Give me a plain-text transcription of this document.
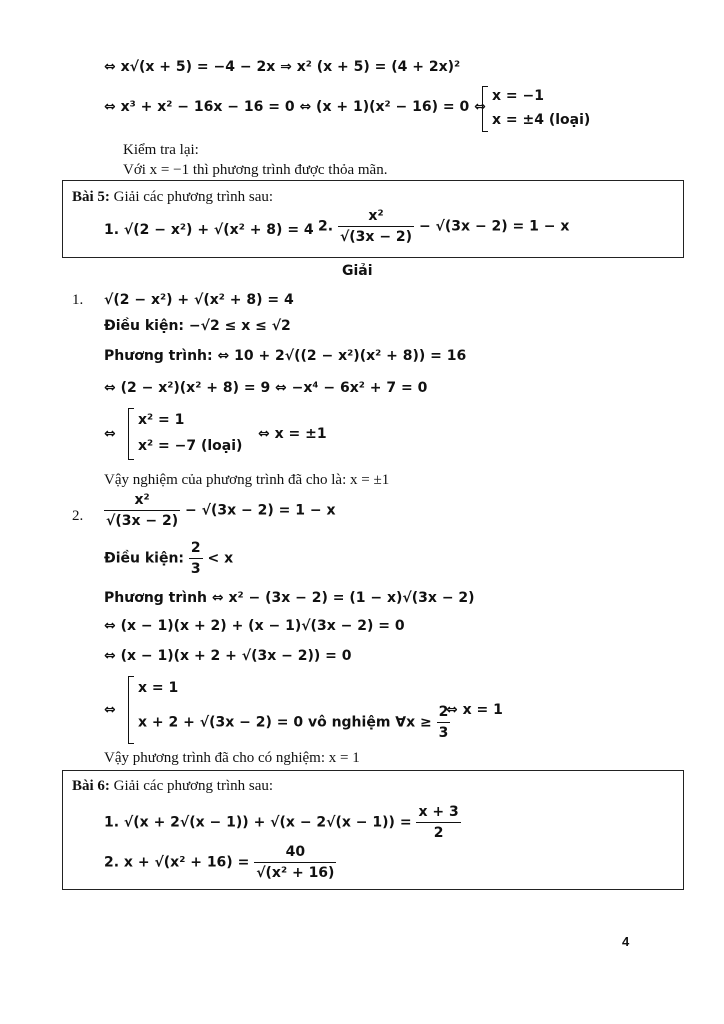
⇔ x√(x + 5) = −4 − 2x ⇒ x² (x + 5) = (4 + 2x)²
⇔ x³ + x² − 16x − 16 = 0 ⇔ (x + 1)(x² − 16) = 0 ⇔
x = −1
x = ±4 (loại)
Kiểm tra lại:
Với x = −1 thì phương trình được thỏa mãn.
Bài 5: Giải các phương trình sau:
1. √(2 − x²) + √(x² + 8) = 4 2. $\frac{\text{x²}}{√(3x - 2)} - √(3x - 2) = 1 - x$
Giải
1. √(2 − x²) + √(x² + 8) = 4
Điều kiện: −√2 ≤ x ≤ √2
Phương trình: ⇔ 10 + 2√((2 − x²)(x² + 8)) = 16
⇔ (2 − x²)(x² + 8) = 9 ⇔ −x⁴ − 6x² + 7 = 0
⇔
x² = 1
x² = −7 (loại)
⇔ x = ±1
Vậy nghiệm của phương trình đã cho là: x = ±1
2. $\frac{\text{x²}}{√(3x - 2)} - √(3x - 2) = 1 - x$
Điều kiện: $\frac{2}{3} < x$
Phương trình ⇔ x² − (3x − 2) = (1 − x)√(3x − 2)
⇔ (x − 1)(x + 2) + (x − 1)√(3x − 2) = 0
⇔ (x − 1)(x + 2 + √(3x − 2)) = 0
⇔
x = 1
x + 2 + √(3x − 2) = 0 vô nghiệm ∀x ≥ $\frac{2}{3}$
⇔ x = 1
Vậy phương trình đã cho có nghiệm: x = 1
Bài 6: Giải các phương trình sau:
1. $√(x + 2√(x - 1)) + √(x - 2√(x - 1)) = \frac{x + 3}{2}$
2. $x + √(x^2 + 16) = \frac{40}{\text{√(x² + 16)}}$
4
